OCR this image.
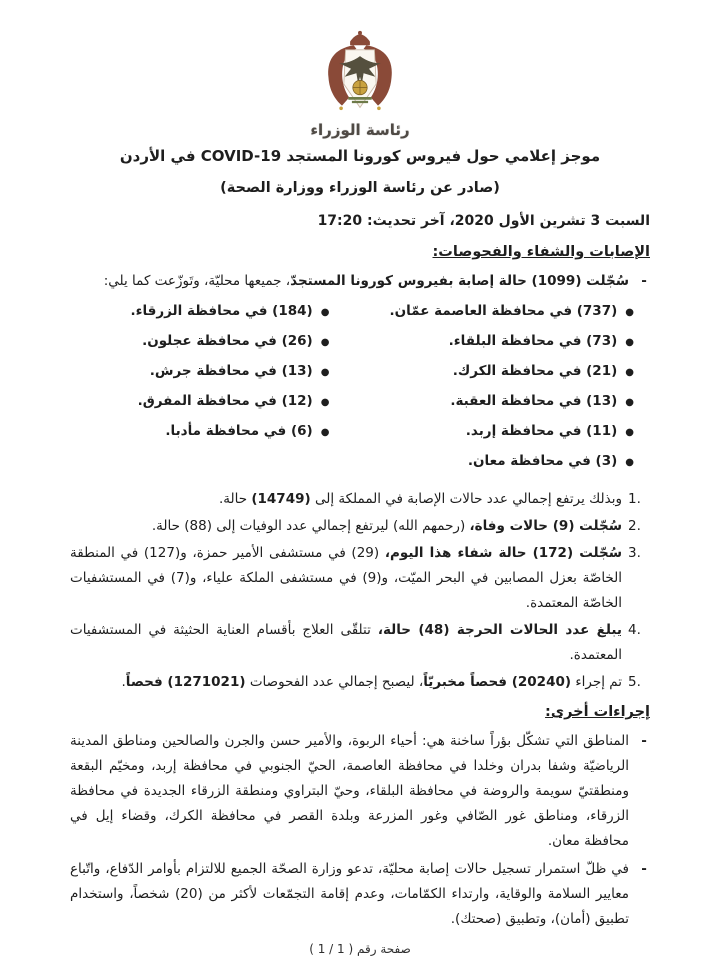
رئاسة الوزراء
موجز إعلامي حول فيروس كورونا المستجد ‎COVID‎-‎19‎ في الأردن
(صادر عن رئاسة الوزراء ووزارة الصحة)
السبت 3 تشرين الأول 2020، آخر تحديث: 17:20
الإصابات والشفاء والفحوصات:
-
سُجّلت (1099) حالة إصابة بفيروس كورونا المستجدّ، جميعها محليّة، وتَوزّعت كما يلي:
●
(737) في محافظة العاصمة عمّان.
●
(73) في محافظة البلقاء.
●
(21) في محافظة الكرك.
●
(13) في محافظة العقبة.
●
(11) في محافظة إربد.
●
(3) في محافظة معان.
●
(184) في محافظة الزرقاء.
●
(26) في محافظة عجلون.
●
(13) في محافظة جرش.
●
(12) في محافظة المفرق.
●
(6) في محافظة مأدبا.
1.
وبذلك يرتفع إجمالي عدد حالات الإصابة في المملكة إلى (14749) حالة.
2.
سُجّلت (9) حالات وفاة، (رحمهم الله) ليرتفع إجمالي عدد الوفيات إلى (88) حالة.
3.
سُجّلت (172) حالة شفاء هذا اليوم، (29) في مستشفى الأمير حمزة، و(127) في المنطقة الخاصّة بعزل المصابين في البحر الميّت، و(9) في مستشفى الملكة علياء، و(7) في المستشفيات الخاصّة المعتمدة.
4.
يبلغ عدد الحالات الحرجة (48) حالة، تتلقّى العلاج بأقسام العناية الحثيثة في المستشفيات المعتمدة.
5.
تم إجراء (20240) فحصاً مخبريّاً، ليصبح إجمالي عدد الفحوصات (1271021) فحصاً.
إجراءات أخرى:
-
المناطق التي تشكّل بؤراً ساخنة هي: أحياء الربوة، والأمير حسن والجرن والصالحين ومناطق المدينة الرياضيّة وشفا بدران وخلدا في محافظة العاصمة، الحيّ الجنوبي في محافظة إربد، ومخيّم البقعة ومنطقتيّ سويمة والروضة في محافظة البلقاء، وحيّ البتراوي ومنطقة الزرقاء الجديدة في محافظة الزرقاء، ومناطق غور الصّافي وغور المزرعة وبلدة القصر في محافظة الكرك، وقضاء إيل في محافظة معان.
-
في ظلّ استمرار تسجيل حالات إصابة محليّة، تدعو وزارة الصحّة الجميع للالتزام بأوامر الدّفاع، واتّباع معايير السلامة والوقاية، وارتداء الكمّامات، وعدم إقامة التجمّعات لأكثر من (20) شخصاً، واستخدام تطبيق (أمان)، وتطبيق (صحتك).
صفحة رقم ( 1 / 1 )
